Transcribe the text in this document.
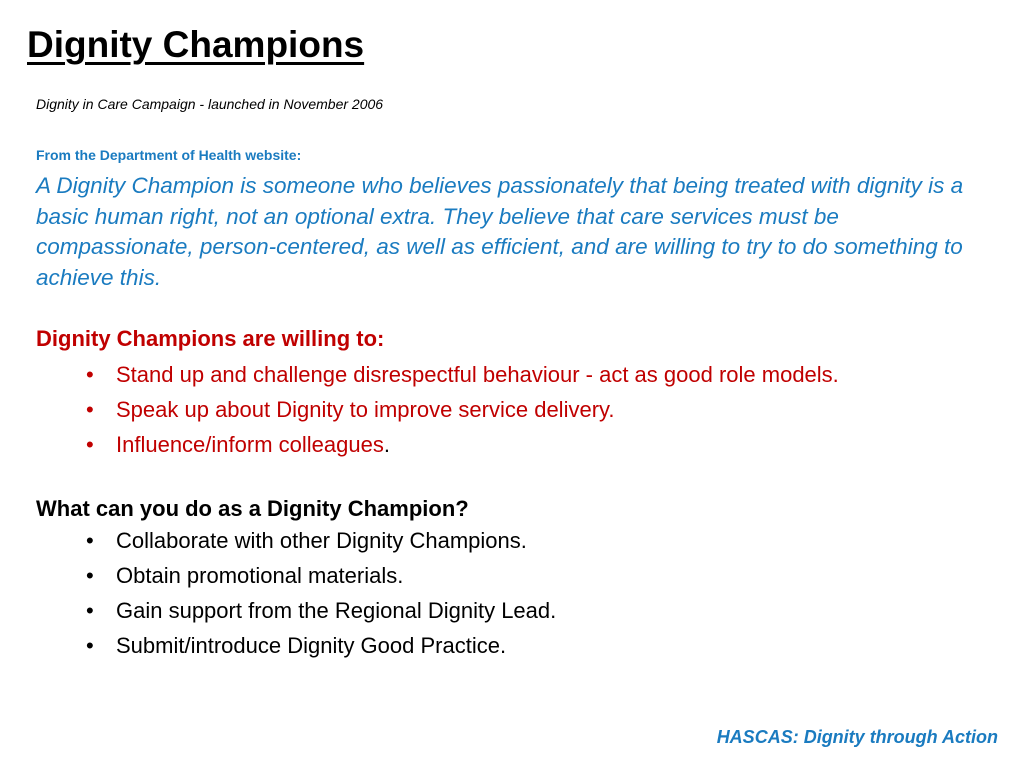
Dignity Champions
Dignity in Care Campaign - launched in November 2006
From the Department of Health website:
A Dignity Champion is someone who believes passionately that being treated with dignity is a basic human right, not an optional extra. They believe that care services must be compassionate, person-centered, as well as efficient, and are willing to try to do something to achieve this.
Dignity Champions are willing to:
• Stand up and challenge disrespectful behaviour - act as good role models.
• Speak up about Dignity to improve service delivery.
• Influence/inform colleagues.
What can you do as a Dignity Champion?
• Collaborate with other Dignity Champions.
• Obtain promotional materials.
• Gain support from the Regional Dignity Lead.
• Submit/introduce Dignity Good Practice.
HASCAS: Dignity through Action
